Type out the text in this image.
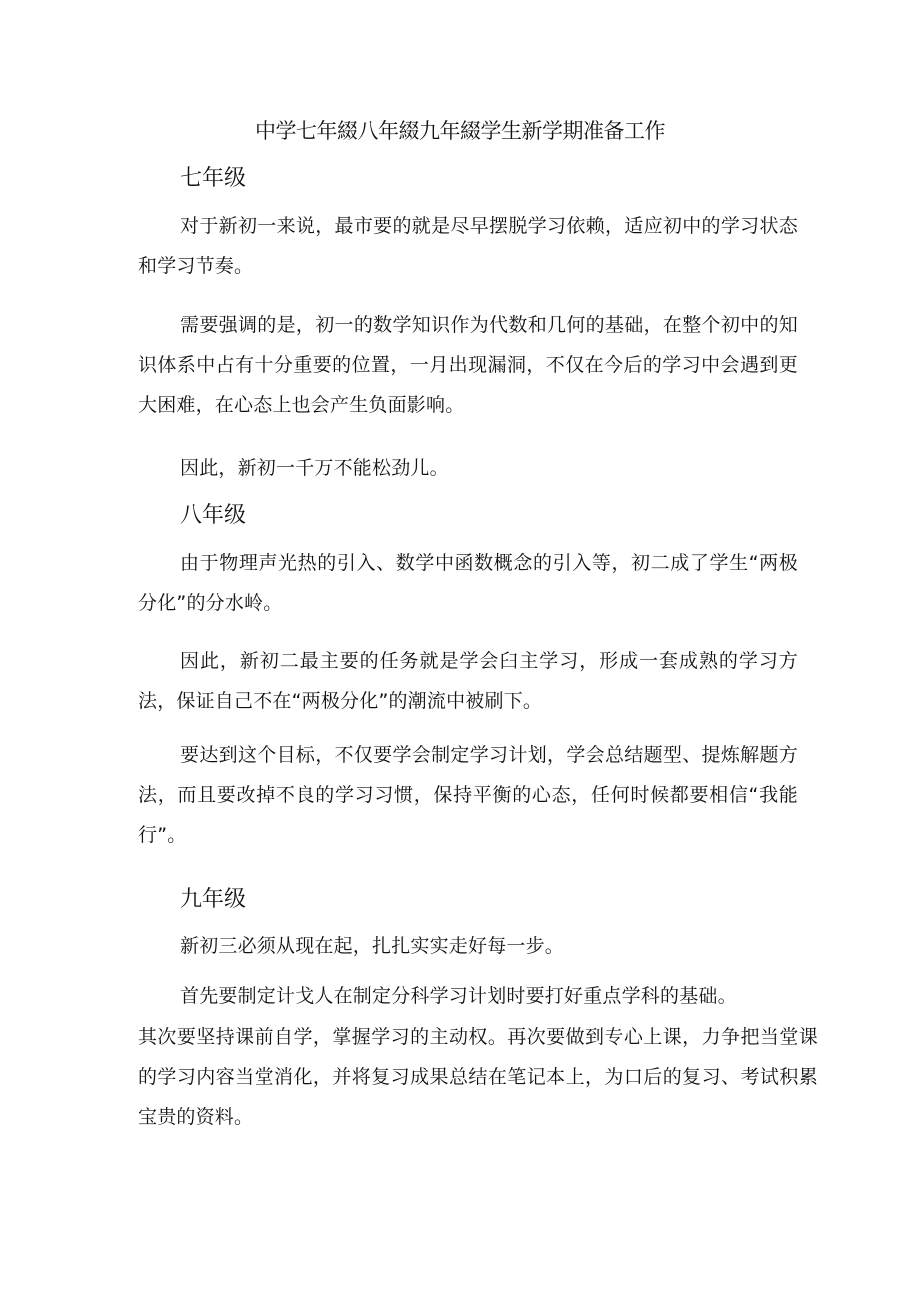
中学七年綴八年綴九年綴学生新学期准备工作
七年级

对于新初一来说，最市要的就是尽早摆脱学习依赖，适应初中的学习状态和学习节奏。

需要强调的是，初一的数学知识作为代数和几何的基础，在整个初中的知识体系中占有十分重要的位置，一月出现漏洞，不仅在今后的学习中会遇到更大困难，在心态上也会产生负面影响。

因此，新初一千万不能松劲儿。

八年级

由于物理声光热的引入、数学中函数概念的引入等，初二成了学生“两极分化”的分水岭。

因此，新初二最主要的任务就是学会臼主学习，形成一套成熟的学习方法，保证自己不在“两极分化”的潮流中被刷下。

要达到这个目标，不仅要学会制定学习计划，学会总结题型、提炼解题方法，而且要改掉不良的学习习惯，保持平衡的心态，任何时候都要相信“我能行”。

九年级

新初三必须从现在起，扎扎实实走好每一步。

首先要制定计戈人在制定分科学习计划时要打好重点学科的基础。

其次要坚持课前自学，掌握学习的主动权。再次要做到专心上课，力争把当堂课的学习内容当堂消化，并将复习成果总结在笔记本上，为口后的复习、考试积累宝贵的资料。
